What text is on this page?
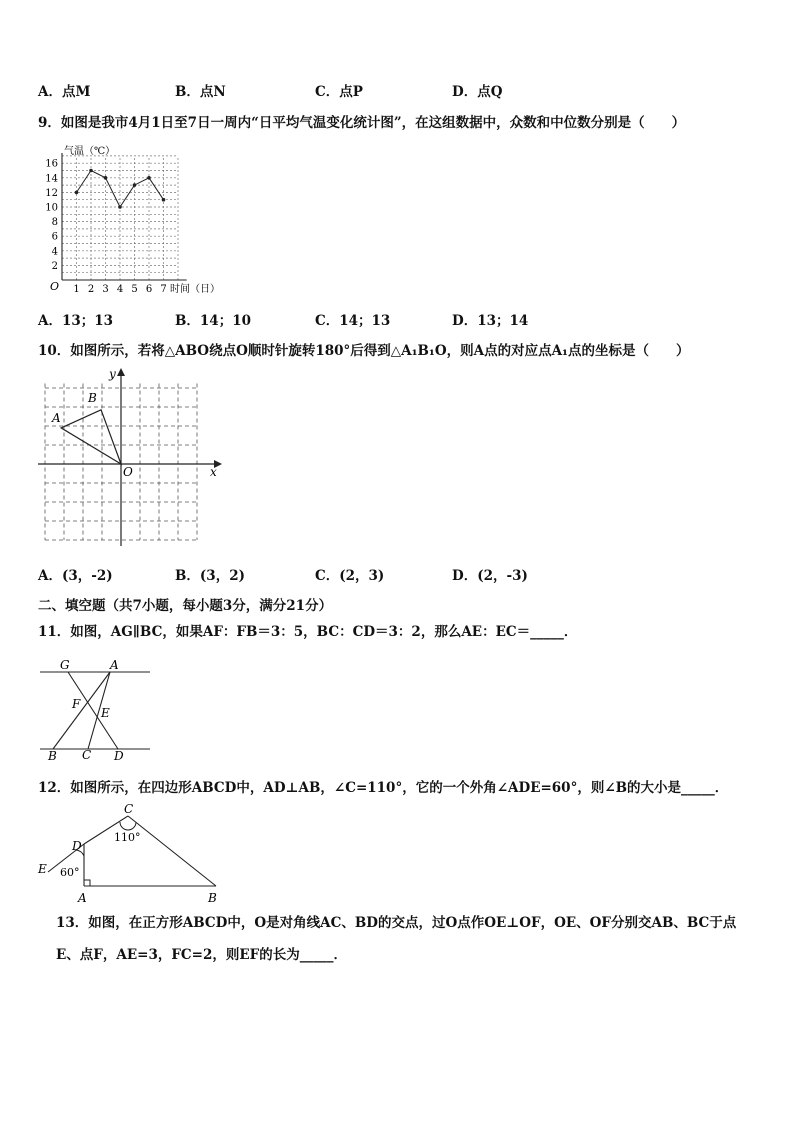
A．点M	B．点N	C．点P	D．点Q
9．如图是我市4月1日至7日一周内“日平均气温变化统计图”，在这组数据中，众数和中位数分别是（　　）
2
4
6
8
10
12
14
16
1 2 3 4 5 6 7
气温（℃）
时间（日）
O
A．13；13	B．14；10	C．14；13	D．13；14
10．如图所示，若将△ABO绕点O顺时针旋转180°后得到△A₁B₁O，则A点的对应点A₁点的坐标是（　　）
x
y
O
A
B
A．(3，-2)	B．(3，2)	C．(2，3)	D．(2，-3)
二、填空题（共7小题，每小题3分，满分21分）
11．如图，AG∥BC，如果AF：FB＝3：5，BC：CD＝3：2，那么AE：EC＝_____．
G	A
F
E
B C D
12．如图所示，在四边形ABCD中，AD⊥AB，∠C=110°，它的一个外角∠ADE=60°，则∠B的大小是_____．
C
D
E
A	B
110°
60°
13．如图，在正方形ABCD中，O是对角线AC、BD的交点，过O点作OE⊥OF，OE、OF分别交AB、BC于点
E、点F，AE=3，FC=2，则EF的长为_____．
